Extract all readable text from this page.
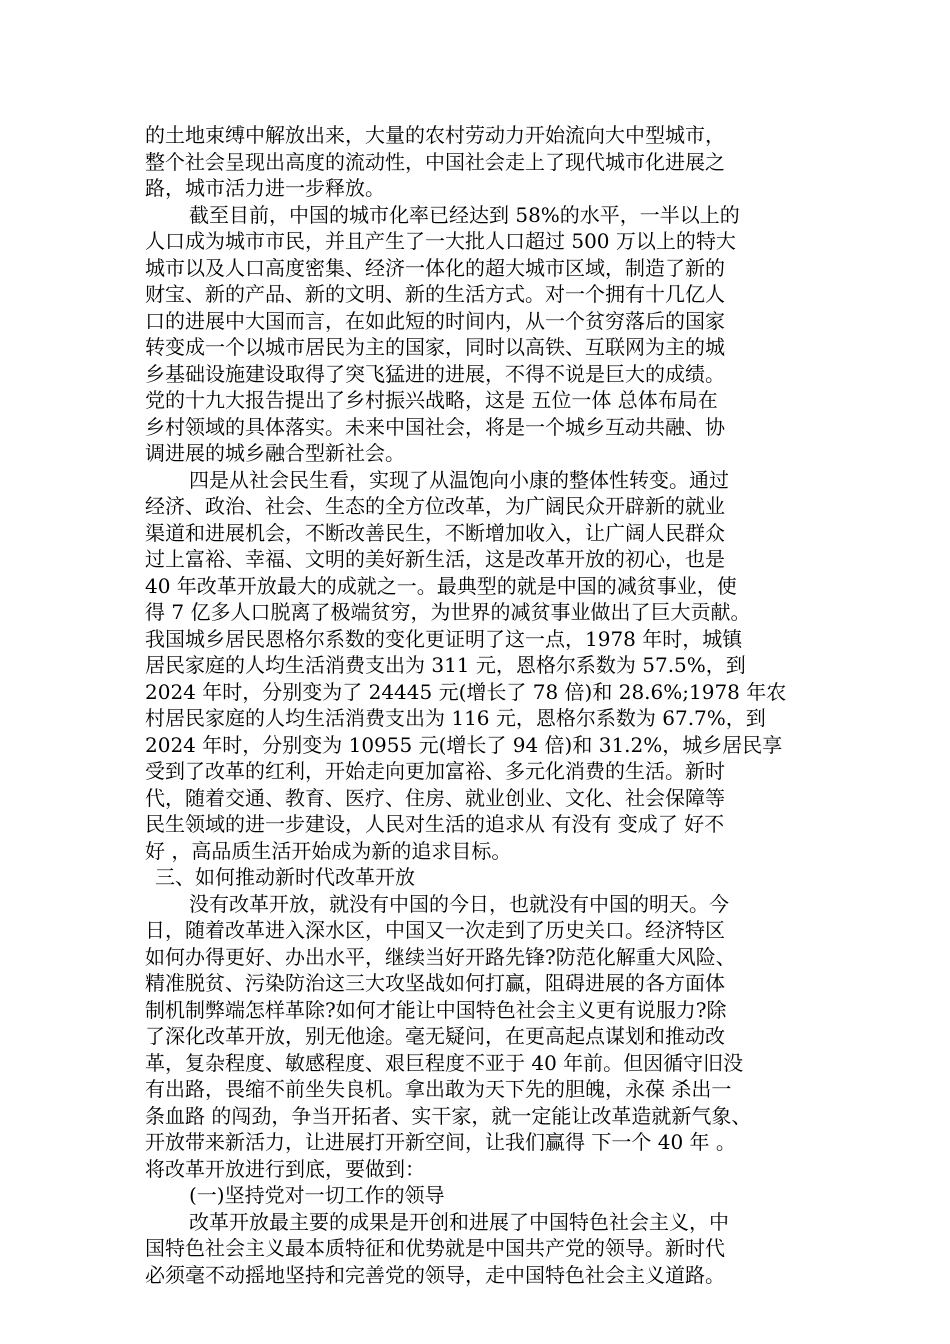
的土地束缚中解放出来，大量的农村劳动力开始流向大中型城市，
整个社会呈现出高度的流动性，中国社会走上了现代城市化进展之
路，城市活力进一步释放。
截至目前，中国的城市化率已经达到 58%的水平，一半以上的
人口成为城市市民，并且产生了一大批人口超过 500 万以上的特大
城市以及人口高度密集、经济一体化的超大城市区域，制造了新的
财宝、新的产品、新的文明、新的生活方式。对一个拥有十几亿人
口的进展中大国而言，在如此短的时间内，从一个贫穷落后的国家
转变成一个以城市居民为主的国家，同时以高铁、互联网为主的城
乡基础设施建设取得了突飞猛进的进展，不得不说是巨大的成绩。
党的十九大报告提出了乡村振兴战略，这是 五位一体 总体布局在
乡村领域的具体落实。未来中国社会，将是一个城乡互动共融、协
调进展的城乡融合型新社会。
四是从社会民生看，实现了从温饱向小康的整体性转变。通过
经济、政治、社会、生态的全方位改革，为广阔民众开辟新的就业
渠道和进展机会，不断改善民生，不断增加收入，让广阔人民群众
过上富裕、幸福、文明的美好新生活，这是改革开放的初心，也是
40 年改革开放最大的成就之一。最典型的就是中国的减贫事业，使
得 7 亿多人口脱离了极端贫穷，为世界的减贫事业做出了巨大贡献。
我国城乡居民恩格尔系数的变化更证明了这一点，1978 年时，城镇
居民家庭的人均生活消费支出为 311 元，恩格尔系数为 57.5%，到
2024 年时，分别变为了 24445 元(增长了 78 倍)和 28.6%;1978 年农
村居民家庭的人均生活消费支出为 116 元，恩格尔系数为 67.7%，到
2024 年时，分别变为 10955 元(增长了 94 倍)和 31.2%，城乡居民享
受到了改革的红利，开始走向更加富裕、多元化消费的生活。新时
代，随着交通、教育、医疗、住房、就业创业、文化、社会保障等
民生领域的进一步建设，人民对生活的追求从 有没有 变成了 好不
好 ，高品质生活开始成为新的追求目标。
三、如何推动新时代改革开放
没有改革开放，就没有中国的今日，也就没有中国的明天。今
日，随着改革进入深水区，中国又一次走到了历史关口。经济特区
如何办得更好、办出水平，继续当好开路先锋?防范化解重大风险、
精准脱贫、污染防治这三大攻坚战如何打赢，阻碍进展的各方面体
制机制弊端怎样革除?如何才能让中国特色社会主义更有说服力?除
了深化改革开放，别无他途。毫无疑问，在更高起点谋划和推动改
革，复杂程度、敏感程度、艰巨程度不亚于 40 年前。但因循守旧没
有出路，畏缩不前坐失良机。拿出敢为天下先的胆魄，永葆 杀出一
条血路 的闯劲，争当开拓者、实干家，就一定能让改革造就新气象、
开放带来新活力，让进展打开新空间，让我们赢得 下一个 40 年 。
将改革开放进行到底，要做到：
(一)坚持党对一切工作的领导
改革开放最主要的成果是开创和进展了中国特色社会主义，中
国特色社会主义最本质特征和优势就是中国共产党的领导。新时代
必须毫不动摇地坚持和完善党的领导，走中国特色社会主义道路。
